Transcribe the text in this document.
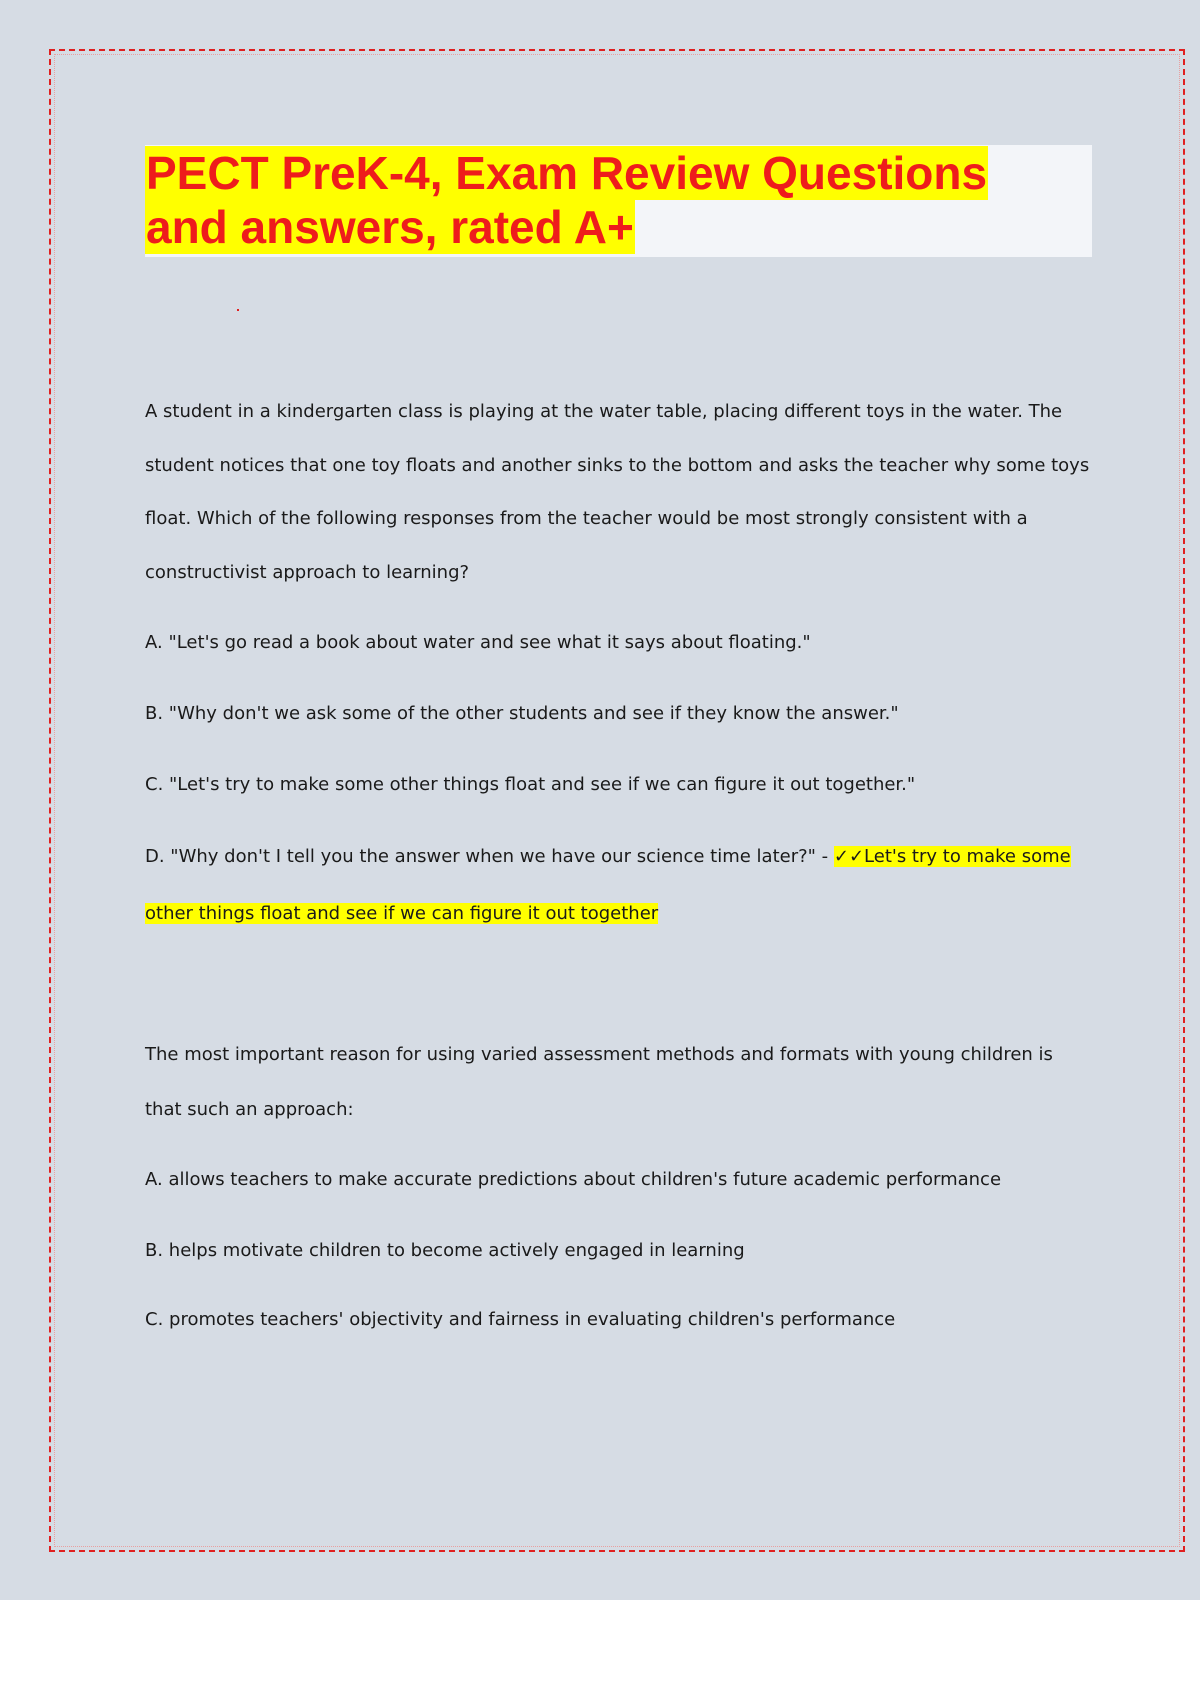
PECT PreK-4, Exam Review Questions
and answers, rated A+
A student in a kindergarten class is playing at the water table, placing different toys in the water. The
student notices that one toy floats and another sinks to the bottom and asks the teacher why some toys
float. Which of the following responses from the teacher would be most strongly consistent with a
constructivist approach to learning?
A. "Let's go read a book about water and see what it says about floating."
B. "Why don't we ask some of the other students and see if they know the answer."
C. "Let's try to make some other things float and see if we can figure it out together."
D. "Why don't I tell you the answer when we have our science time later?" - ✓✓Let's try to make some
other things float and see if we can figure it out together
The most important reason for using varied assessment methods and formats with young children is
that such an approach:
A. allows teachers to make accurate predictions about children's future academic performance
B. helps motivate children to become actively engaged in learning
C. promotes teachers' objectivity and fairness in evaluating children's performance
